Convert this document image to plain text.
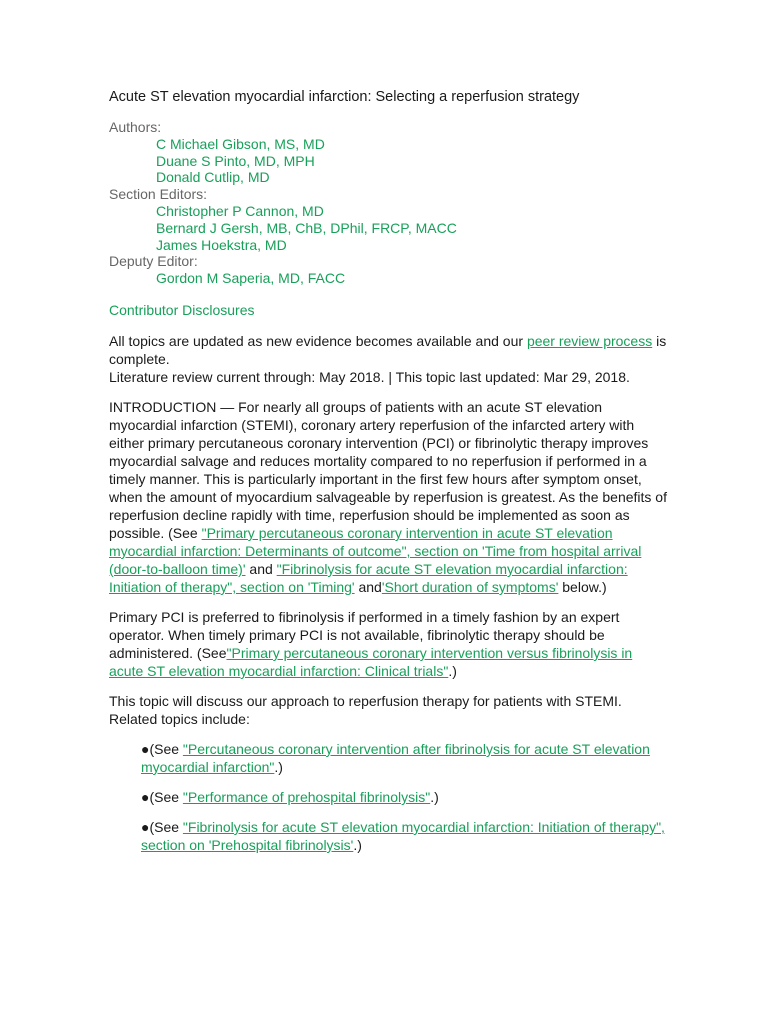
Acute ST elevation myocardial infarction: Selecting a reperfusion strategy
Authors:
C Michael Gibson, MS, MD
Duane S Pinto, MD, MPH
Donald Cutlip, MD
Section Editors:
Christopher P Cannon, MD
Bernard J Gersh, MB, ChB, DPhil, FRCP, MACC
James Hoekstra, MD
Deputy Editor:
Gordon M Saperia, MD, FACC
Contributor Disclosures

All topics are updated as new evidence becomes available and our peer review process is complete.
Literature review current through: May 2018. | This topic last updated: Mar 29, 2018.

INTRODUCTION — For nearly all groups of patients with an acute ST elevation myocardial infarction (STEMI), coronary artery reperfusion of the infarcted artery with either primary percutaneous coronary intervention (PCI) or fibrinolytic therapy improves myocardial salvage and reduces mortality compared to no reperfusion if performed in a timely manner. This is particularly important in the first few hours after symptom onset, when the amount of myocardium salvageable by reperfusion is greatest. As the benefits of reperfusion decline rapidly with time, reperfusion should be implemented as soon as possible. (See "Primary percutaneous coronary intervention in acute ST elevation myocardial infarction: Determinants of outcome", section on 'Time from hospital arrival (door-to-balloon time)' and "Fibrinolysis for acute ST elevation myocardial infarction: Initiation of therapy", section on 'Timing' and'Short duration of symptoms' below.)

Primary PCI is preferred to fibrinolysis if performed in a timely fashion by an expert operator. When timely primary PCI is not available, fibrinolytic therapy should be administered. (See"Primary percutaneous coronary intervention versus fibrinolysis in acute ST elevation myocardial infarction: Clinical trials".)

This topic will discuss our approach to reperfusion therapy for patients with STEMI. Related topics include:

●(See "Percutaneous coronary intervention after fibrinolysis for acute ST elevation myocardial infarction".)
●(See "Performance of prehospital fibrinolysis".)
●(See "Fibrinolysis for acute ST elevation myocardial infarction: Initiation of therapy", section on 'Prehospital fibrinolysis'.)
